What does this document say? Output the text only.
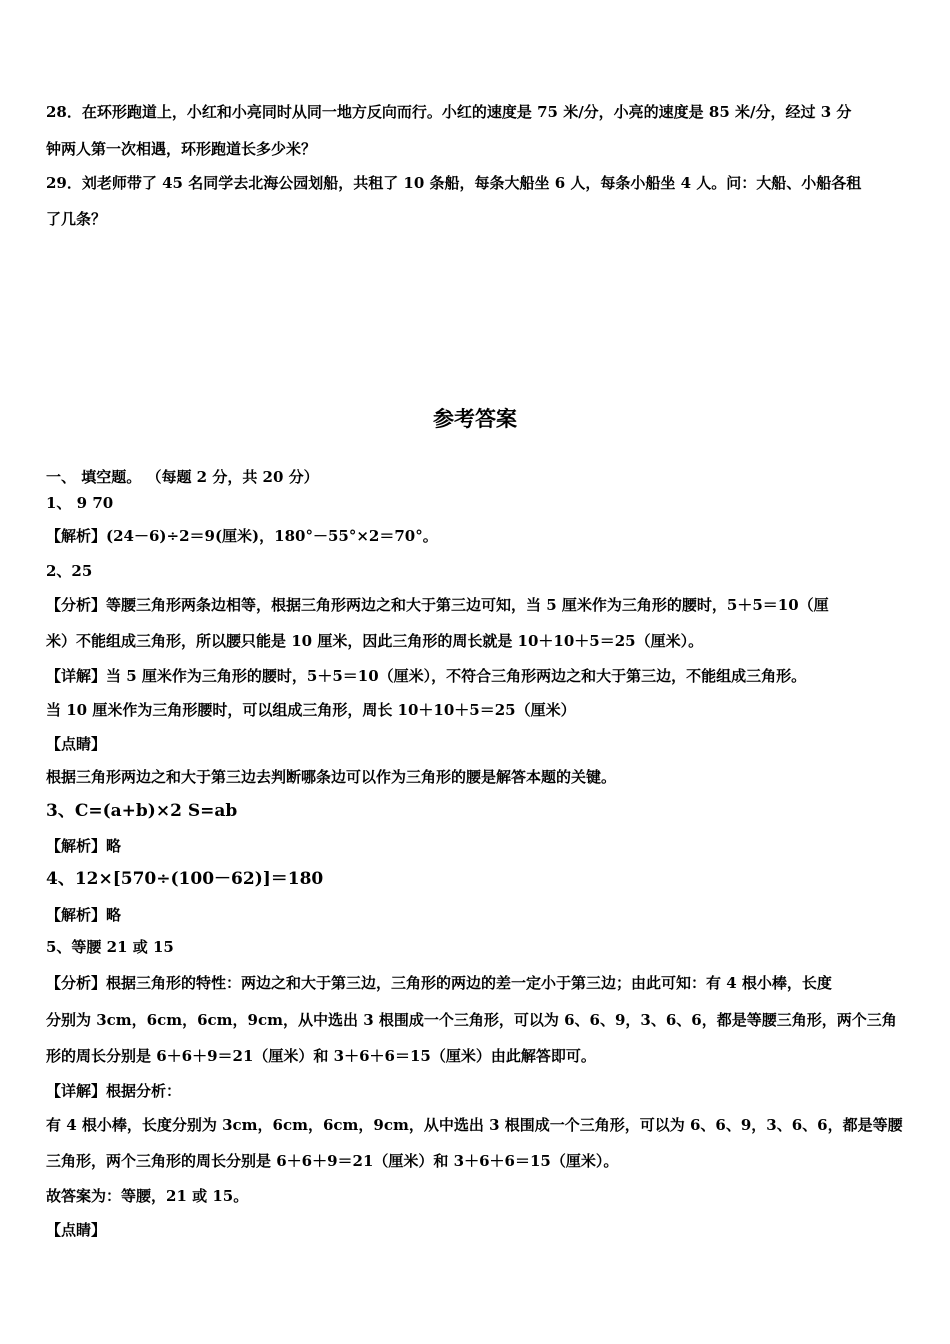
28．在环形跑道上，小红和小亮同时从同一地方反向而行。小红的速度是 75 米/分，小亮的速度是 85 米/分，经过 3 分
钟两人第一次相遇，环形跑道长多少米？
29．刘老师带了 45 名同学去北海公园划船，共租了 10 条船，每条大船坐 6 人，每条小船坐 4 人。问：大船、小船各租
了几条？
参考答案
一、 填空题。 （每题 2 分，共 20 分）
1、 9 70
【解析】(24－6)÷2＝9(厘米)，180°－55°×2＝70°。
2、25
【分析】等腰三角形两条边相等，根据三角形两边之和大于第三边可知，当 5 厘米作为三角形的腰时，5＋5＝10（厘
米）不能组成三角形，所以腰只能是 10 厘米，因此三角形的周长就是 10＋10＋5＝25（厘米）。
【详解】当 5 厘米作为三角形的腰时，5＋5＝10（厘米），不符合三角形两边之和大于第三边，不能组成三角形。
当 10 厘米作为三角形腰时，可以组成三角形，周长 10＋10＋5＝25（厘米）
【点睛】
根据三角形两边之和大于第三边去判断哪条边可以作为三角形的腰是解答本题的关键。
3、C=(a+b)×2 S=ab
【解析】略
4、12×[570÷(100－62)]＝180
【解析】略
5、等腰 21 或 15
【分析】根据三角形的特性：两边之和大于第三边，三角形的两边的差一定小于第三边；由此可知：有 4 根小棒，长度
分别为 3cm，6cm，6cm，9cm，从中选出 3 根围成一个三角形，可以为 6、6、9，3、6、6，都是等腰三角形，两个三角
形的周长分别是 6＋6＋9＝21（厘米）和 3＋6＋6＝15（厘米）由此解答即可。
【详解】根据分析：
有 4 根小棒，长度分别为 3cm，6cm，6cm，9cm，从中选出 3 根围成一个三角形，可以为 6、6、9，3、6、6，都是等腰
三角形，两个三角形的周长分别是 6＋6＋9＝21（厘米）和 3＋6＋6＝15（厘米）。
故答案为：等腰，21 或 15。
【点睛】
